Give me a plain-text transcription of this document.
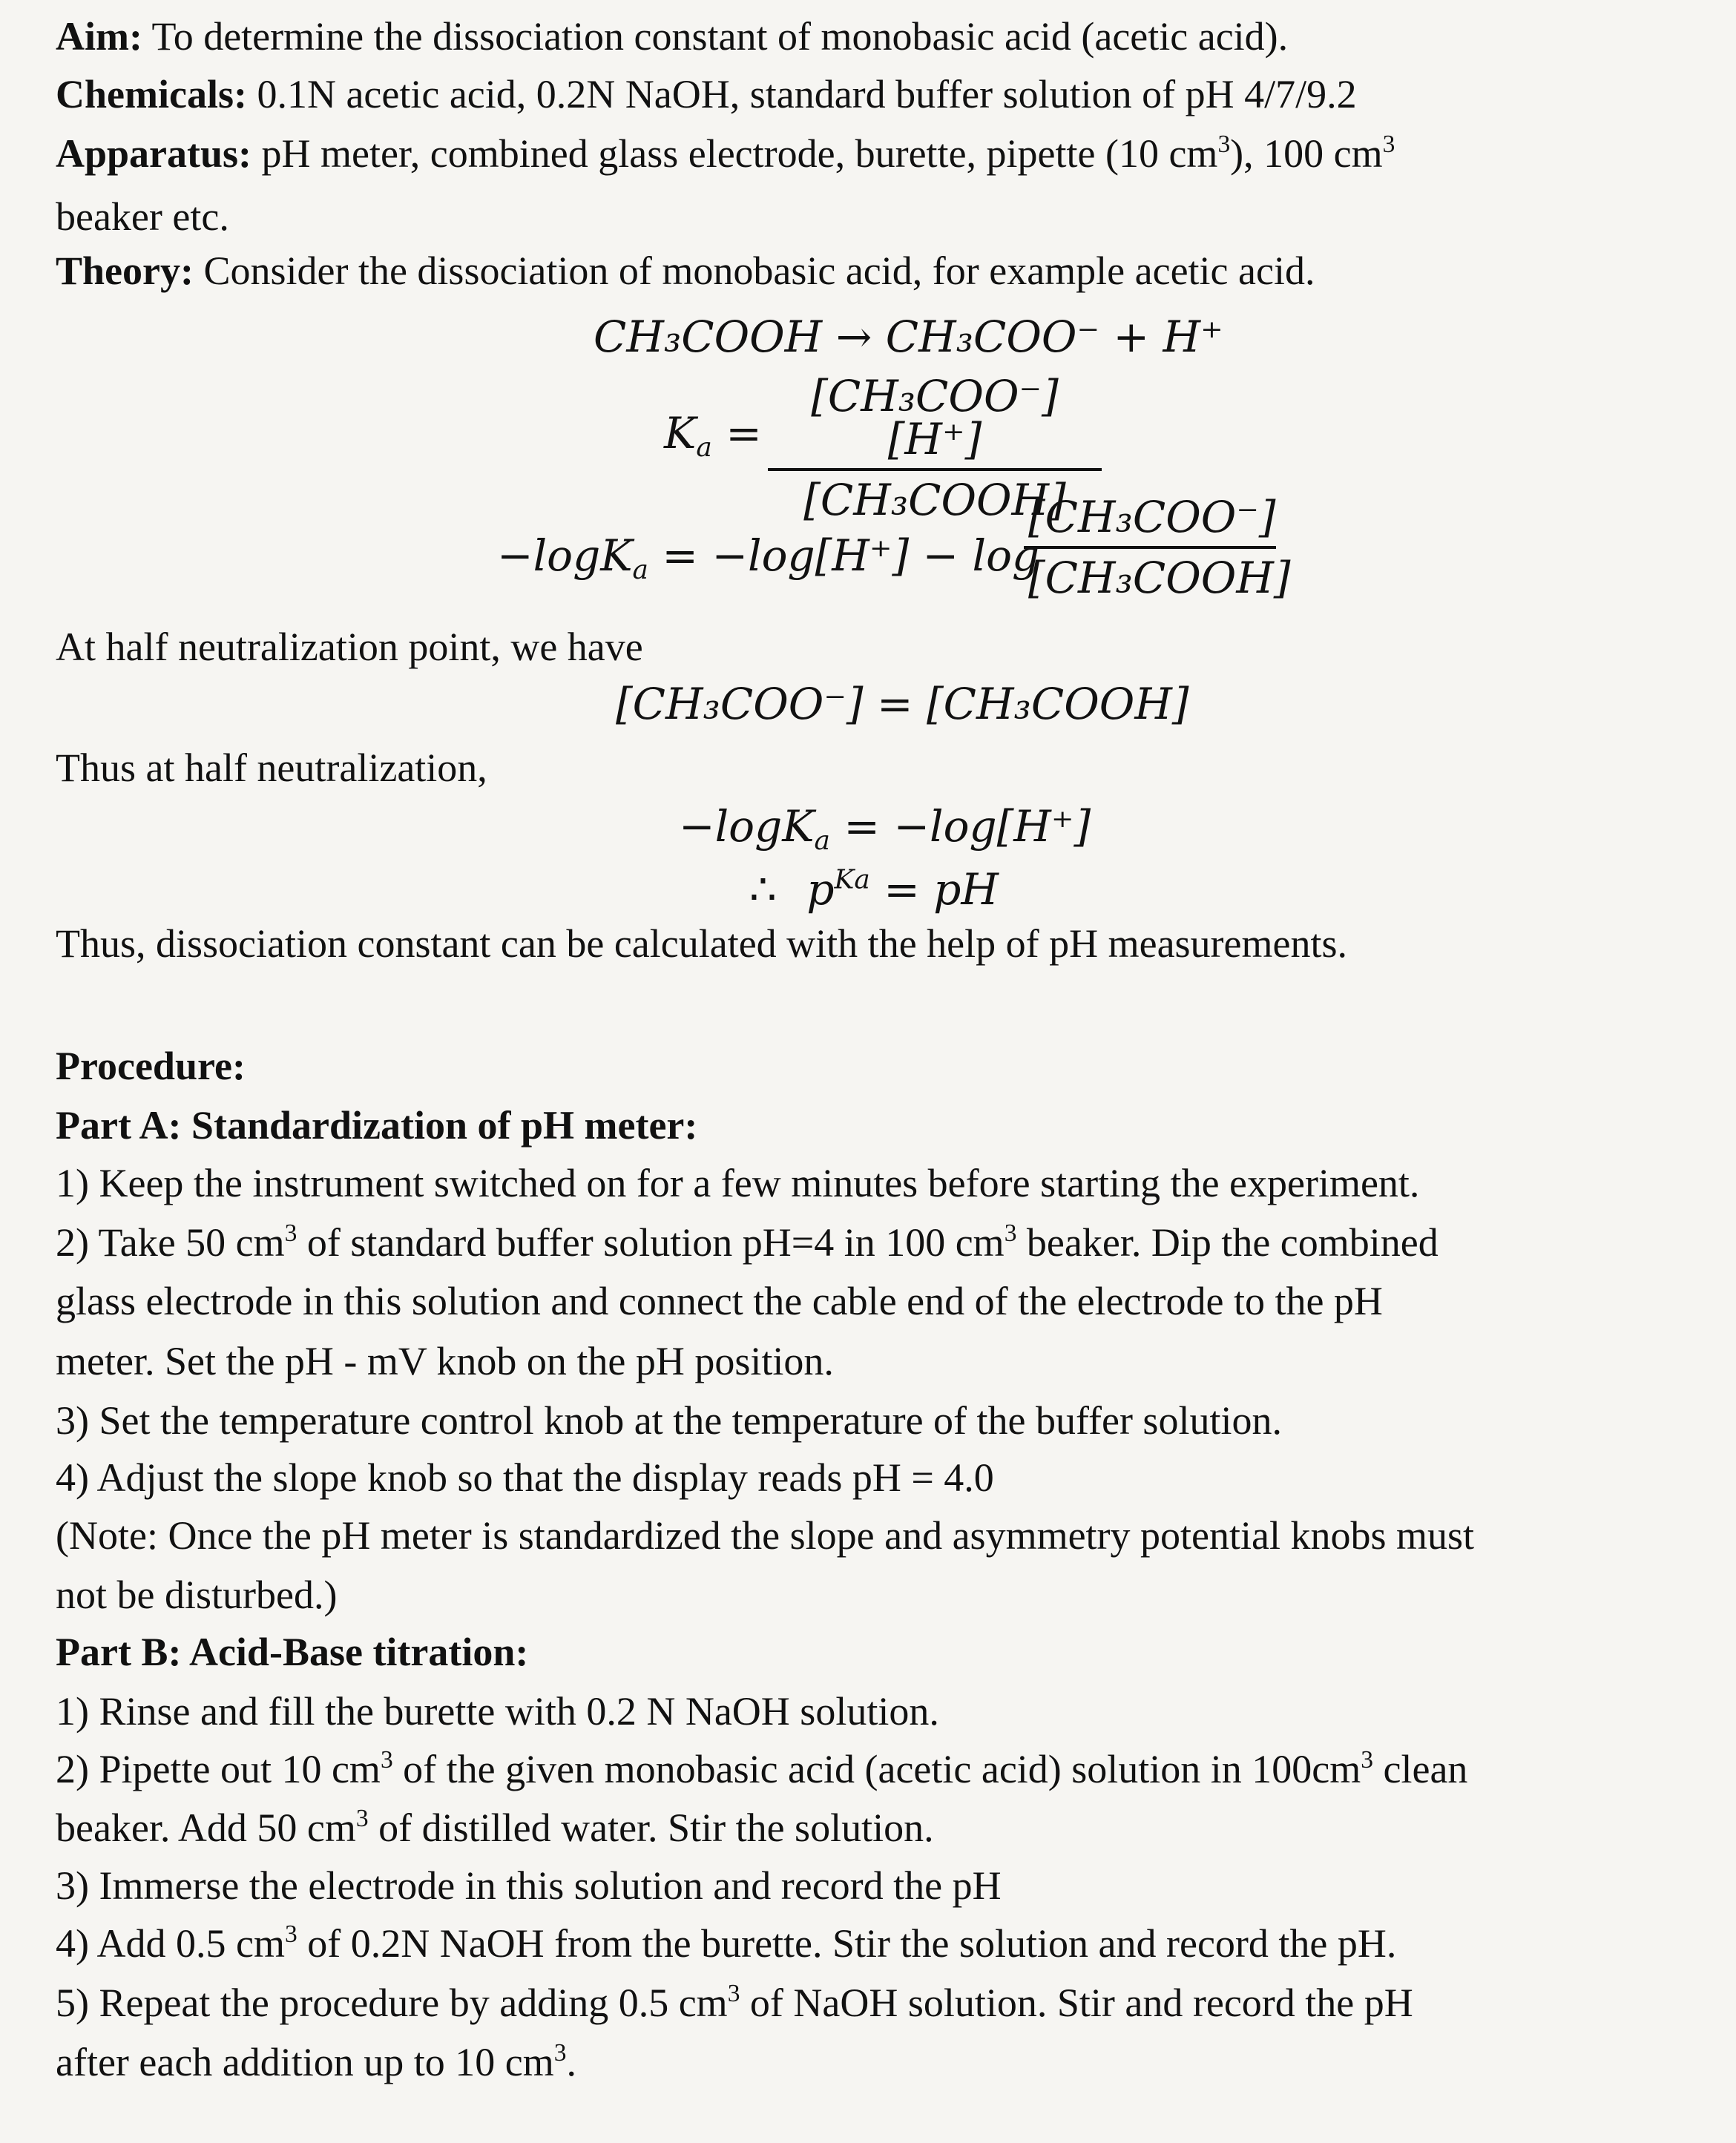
Aim: To determine the dissociation constant of monobasic acid (acetic acid).
Chemicals: 0.1N acetic acid, 0.2N NaOH, standard buffer solution of pH 4/7/9.2
Apparatus: pH meter, combined glass electrode, burette, pipette (10 $cm^3$), 100 $cm^3$
beaker etc.
Theory: Consider the dissociation of monobasic acid, for example acetic acid.
CH₃COOH → CH₃COO⁻ + H⁺
$K_a$ =
[CH₃COO⁻][H⁺]
[CH₃COOH]
−logK$_a$ = −log[H⁺] − log
[CH₃COO⁻]
[CH₃COOH]
At half neutralization point, we have
[CH₃COO⁻] = [CH₃COOH]
Thus at half neutralization,
−logK$_a$ = −log[H⁺]
∴ $p^{Ka}$ = pH
Thus, dissociation constant can be calculated with the help of pH measurements.
Procedure:
Part A: Standardization of pH meter:
1) Keep the instrument switched on for a few minutes before starting the experiment.
2) Take 50 $cm^3$ of standard buffer solution pH=4 in 100 $cm^3$ beaker. Dip the combined
glass electrode in this solution and connect the cable end of the electrode to the pH
meter. Set the pH - mV knob on the pH position.
3) Set the temperature control knob at the temperature of the buffer solution.
4) Adjust the slope knob so that the display reads pH = 4.0
(Note: Once the pH meter is standardized the slope and asymmetry potential knobs must
not be disturbed.)
Part B: Acid-Base titration:
1) Rinse and fill the burette with 0.2 N NaOH solution.
2) Pipette out 10 $cm^3$ of the given monobasic acid (acetic acid) solution in $100cm^3$ clean
beaker. Add 50 $cm^3$ of distilled water. Stir the solution.
3) Immerse the electrode in this solution and record the pH
4) Add 0.5 $cm^3$ of 0.2N NaOH from the burette. Stir the solution and record the pH.
5) Repeat the procedure by adding 0.5 $cm^3$ of NaOH solution. Stir and record the pH
after each addition up to 10 $cm^3$.
